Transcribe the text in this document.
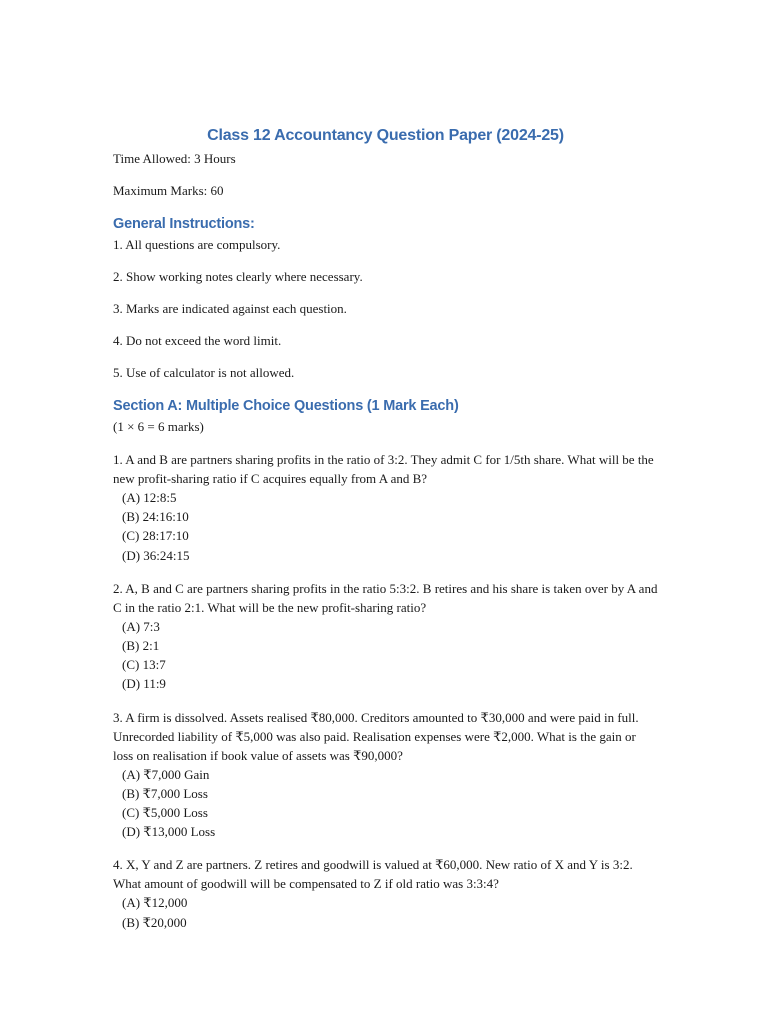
Class 12 Accountancy Question Paper (2024-25)

Time Allowed: 3 Hours

Maximum Marks: 60

General Instructions:
1. All questions are compulsory.
2. Show working notes clearly where necessary.
3. Marks are indicated against each question.
4. Do not exceed the word limit.
5. Use of calculator is not allowed.
Section A: Multiple Choice Questions (1 Mark Each)

(1 × 6 = 6 marks)

1. A and B are partners sharing profits in the ratio of 3:2. They admit C for 1/5th share. What will be the new profit-sharing ratio if C acquires equally from A and B?

(A) 12:8:5
(B) 24:16:10
(C) 28:17:10
(D) 36:24:15

2. A, B and C are partners sharing profits in the ratio 5:3:2. B retires and his share is taken over by A and C in the ratio 2:1. What will be the new profit-sharing ratio?

(A) 7:3
(B) 2:1
(C) 13:7
(D) 11:9

3. A firm is dissolved. Assets realised ₹80,000. Creditors amounted to ₹30,000 and were paid in full. Unrecorded liability of ₹5,000 was also paid. Realisation expenses were ₹2,000. What is the gain or loss on realisation if book value of assets was ₹90,000?

(A) ₹7,000 Gain
(B) ₹7,000 Loss
(C) ₹5,000 Loss
(D) ₹13,000 Loss

4. X, Y and Z are partners. Z retires and goodwill is valued at ₹60,000. New ratio of X and Y is 3:2. What amount of goodwill will be compensated to Z if old ratio was 3:3:4?

(A) ₹12,000
(B) ₹20,000
